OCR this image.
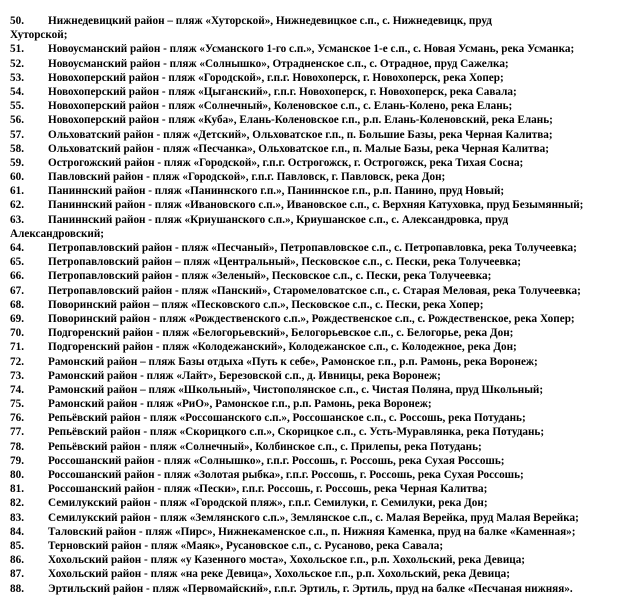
50. Нижнедевицкий район – пляж «Хуторской», Нижнедевицкое с.п., с. Нижнедевицк, пруд
Хуторской;
51. Новоусманский район - пляж «Усманского 1-го с.п.», Усманское 1-е с.п., с. Новая Усмань, река Усманка;
52. Новоусманский район - пляж «Солнышко», Отрадненское с.п., с. Отрадное, пруд Сажелка;
53. Новохоперский район - пляж «Городской», г.п.г. Новохоперск, г. Новохоперск, река Хопер;
54. Новохоперский район - пляж «Цыганский», г.п.г. Новохоперск, г. Новохоперск, река Савала;
55. Новохоперский район - пляж «Солнечный», Коленовское с.п., с. Елань-Колено, река Елань;
56. Новохоперский район - пляж «Куба», Елань-Коленовское г.п., р.п. Елань-Коленовский, река Елань;
57. Ольховатский район - пляж «Детский», Ольховатское г.п., п. Большие Базы, река Черная Калитва;
58. Ольховатский район - пляж «Песчанка», Ольховатское г.п., п. Малые Базы, река Черная Калитва;
59. Острогожский район - пляж «Городской», г.п.г. Острогожск, г. Острогожск, река Тихая Сосна;
60. Павловский район - пляж «Городской», г.п.г. Павловск, г. Павловск, река Дон;
61. Паниннский район - пляж «Паниннского г.п.», Паниннское г.п., р.п. Панино, пруд Новый;
62. Паниннский район - пляж «Ивановского с.п.», Ивановское с.п., с. Верхняя Катуховка, пруд Безымянный;
63. Паниннский район - пляж «Криушанского с.п.», Криушанское с.п., с. Александровка, пруд
Александровский;
64. Петропавловский район - пляж «Песчаный», Петропавловское с.п., с. Петропавловка, река Толучеевка;
65. Петропавловский район – пляж «Центральный», Песковское с.п., с. Пески, река Толучеевка;
66. Петропавловский район - пляж «Зеленый», Песковское с.п., с. Пески, река Толучеевка;
67. Петропавловский район - пляж «Панский», Старомеловатское с.п., с. Старая Меловая, река Толучеевка;
68. Поворинский район – пляж «Песковского с.п.», Песковское с.п., с. Пески, река Хопер;
69. Поворинский район - пляж «Рождественского с.п.», Рождественское с.п., с. Рождественское, река Хопер;
70. Подгоренский район - пляж «Белогорьевский», Белогорьевское с.п., с. Белогорье, река Дон;
71. Подгоренский район - пляж «Колодежанский», Колодежанское с.п., с. Колодежное, река Дон;
72. Рамонский район – пляж Базы отдыха «Путь к себе», Рамонское г.п., р.п. Рамонь, река Воронеж;
73. Рамонский район - пляж «Лайт», Березовской с.п., д. Ивницы, река Воронеж;
74. Рамонский район – пляж «Школьный», Чистополянское с.п., с. Чистая Поляна, пруд Школьный;
75. Рамонский район - пляж «РиО», Рамонское г.п., р.п. Рамонь, река Воронеж;
76. Репьёвский район - пляж «Россошанского с.п.», Россошанское с.п., с. Россошь, река Потудань;
77. Репьёвский район - пляж «Скорицкого с.п.», Скорицкое с.п., с. Усть-Муравлянка, река Потудань;
78. Репьёвский район - пляж «Солнечный», Колбинское с.п., с. Прилепы, река Потудань;
79. Россошанский район - пляж «Солнышко», г.п.г. Россошь, г. Россошь, река Сухая Россошь;
80. Россошанский район - пляж «Золотая рыбка», г.п.г. Россошь, г. Россошь, река Сухая Россошь;
81. Россошанский район - пляж «Пески», г.п.г. Россошь, г. Россошь, река Черная Калитва;
82. Семилукский район - пляж «Городской пляж», г.п.г. Семилуки, г. Семилуки, река Дон;
83. Семилукский район - пляж «Землянского с.п.», Землянское с.п., с. Малая Верейка, пруд Малая Верейка;
84. Таловский район - пляж «Пирс», Нижнекаменское с.п., п. Нижняя Каменка, пруд на балке «Каменная»;
85. Терновский район - пляж «Маяк», Русановское с.п., с. Русаново, река Савала;
86. Хохольский район - пляж «у Казенного моста», Хохольское г.п., р.п. Хохольский, река Девица;
87. Хохольский район - пляж «на реке Девица», Хохольское г.п., р.п. Хохольский, река Девица;
88. Эртильский район - пляж «Первомайский», г.п.г. Эртиль, г. Эртиль, пруд на балке «Песчаная нижняя».
